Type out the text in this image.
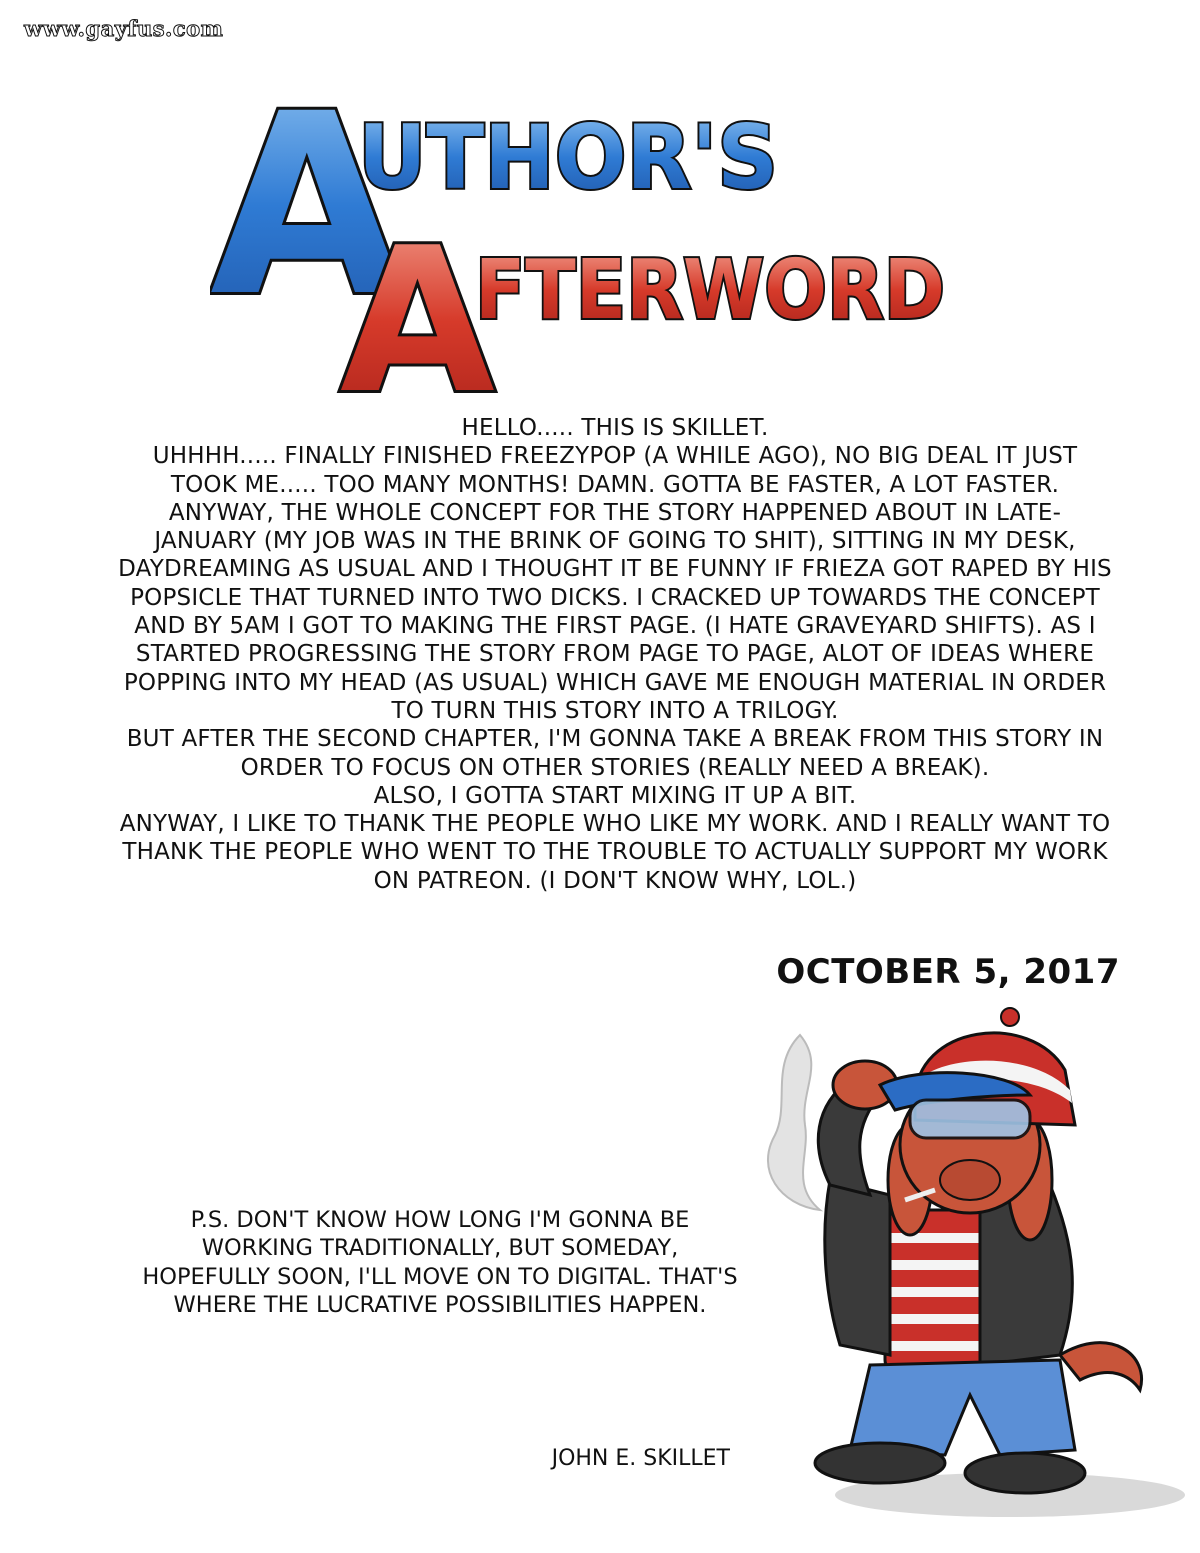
www.gayfus.com
A
UTHOR'S
A
FTERWORD

HELLO..... THIS IS SKILLET.

UHHHH..... FINALLY FINISHED FREEZYPOP (A WHILE AGO), NO BIG DEAL IT JUST TOOK ME..... TOO MANY MONTHS! DAMN. GOTTA BE FASTER, A LOT FASTER.

ANYWAY, THE WHOLE CONCEPT FOR THE STORY HAPPENED ABOUT IN LATE-JANUARY (MY JOB WAS IN THE BRINK OF GOING TO SHIT), SITTING IN MY DESK, DAYDREAMING AS USUAL AND I THOUGHT IT BE FUNNY IF FRIEZA GOT RAPED BY HIS POPSICLE THAT TURNED INTO TWO DICKS. I CRACKED UP TOWARDS THE CONCEPT AND BY 5AM I GOT TO MAKING THE FIRST PAGE. (I HATE GRAVEYARD SHIFTS). AS I STARTED PROGRESSING THE STORY FROM PAGE TO PAGE, ALOT OF IDEAS WHERE POPPING INTO MY HEAD (AS USUAL) WHICH GAVE ME ENOUGH MATERIAL IN ORDER TO TURN THIS STORY INTO A TRILOGY.

BUT AFTER THE SECOND CHAPTER, I'M GONNA TAKE A BREAK FROM THIS STORY IN ORDER TO FOCUS ON OTHER STORIES (REALLY NEED A BREAK).

ALSO, I GOTTA START MIXING IT UP A BIT.

ANYWAY, I LIKE TO THANK THE PEOPLE WHO LIKE MY WORK. AND I REALLY WANT TO THANK THE PEOPLE WHO WENT TO THE TROUBLE TO ACTUALLY SUPPORT MY WORK ON PATREON. (I DON'T KNOW WHY, LOL.)

OCTOBER 5, 2017
P.S. DON'T KNOW HOW LONG I'M GONNA BE WORKING TRADITIONALLY, BUT SOMEDAY, HOPEFULLY SOON, I'LL MOVE ON TO DIGITAL. THAT'S WHERE THE LUCRATIVE POSSIBILITIES HAPPEN.
JOHN E. SKILLET
